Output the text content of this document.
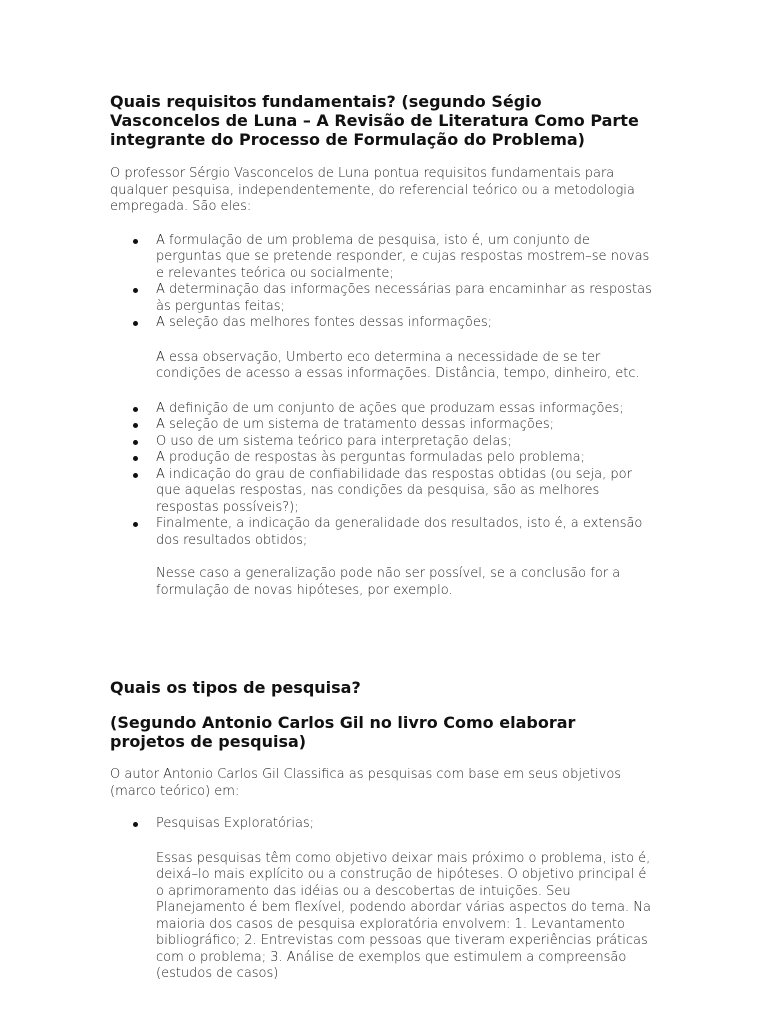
Quais requisitos fundamentais? (segundo Ségio Vasconcelos de Luna – A Revisão de Literatura Como Parte integrante do Processo de Formulação do Problema)

O professor Sérgio Vasconcelos de Luna pontua requisitos fundamentais para qualquer pesquisa, independentemente, do referencial teórico ou a metodologia empregada. São eles:

A formulação de um problema de pesquisa, isto é, um conjunto de perguntas que se pretende responder, e cujas respostas mostrem–se novas e relevantes teórica ou socialmente;
A determinação das informações necessárias para encaminhar as respostas às perguntas feitas;
A seleção das melhores fontes dessas informações;

A essa observação, Umberto eco determina a necessidade de se ter condições de acesso a essas informações. Distância, tempo, dinheiro, etc.

A definição de um conjunto de ações que produzam essas informações;
A seleção de um sistema de tratamento dessas informações;
O uso de um sistema teórico para interpretação delas;
A produção de respostas às perguntas formuladas pelo problema;
A indicação do grau de confiabilidade das respostas obtidas (ou seja, por que aquelas respostas, nas condições da pesquisa, são as melhores respostas possíveis?);
Finalmente, a indicação da generalidade dos resultados, isto é, a extensão dos resultados obtidos;

Nesse caso a generalização pode não ser possível, se a conclusão for a formulação de novas hipóteses, por exemplo.

Quais os tipos de pesquisa?
(Segundo Antonio Carlos Gil no livro Como elaborar projetos de pesquisa)

O autor Antonio Carlos Gil Classifica as pesquisas com base em seus objetivos (marco teórico) em:

Pesquisas Exploratórias;

Essas pesquisas têm como objetivo deixar mais próximo o problema, isto é, deixá–lo mais explícito ou a construção de hipóteses. O objetivo principal é o aprimoramento das idéias ou a descobertas de intuições. Seu Planejamento é bem flexível, podendo abordar várias aspectos do tema. Na maioria dos casos de pesquisa exploratória envolvem: 1. Levantamento bibliográfico; 2. Entrevistas com pessoas que tiveram experiências práticas com o problema; 3. Análise de exemplos que estimulem a compreensão (estudos de casos)
